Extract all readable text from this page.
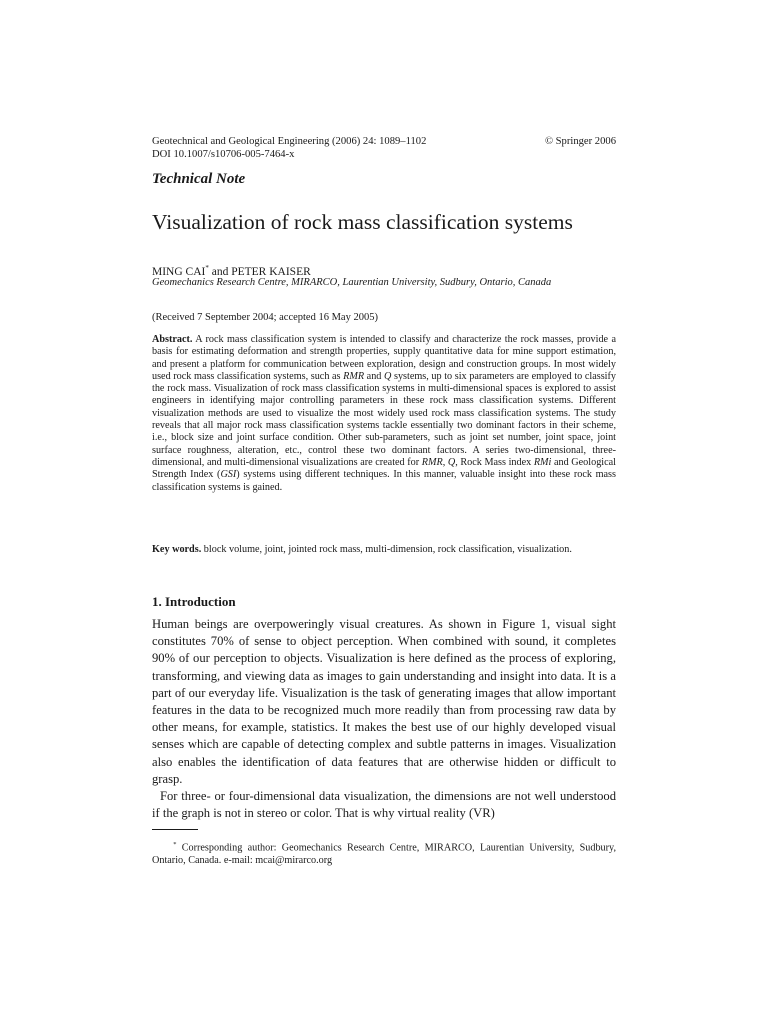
Geotechnical and Geological Engineering (2006) 24: 1089–1102	© Springer 2006
DOI 10.1007/s10706-005-7464-x
Technical Note
Visualization of rock mass classification systems
MING CAI* and PETER KAISER
Geomechanics Research Centre, MIRARCO, Laurentian University, Sudbury, Ontario, Canada
(Received 7 September 2004; accepted 16 May 2005)

Abstract. A rock mass classification system is intended to classify and characterize the rock masses, provide a basis for estimating deformation and strength properties, supply quantitative data for mine support estimation, and present a platform for communication between exploration, design and construction groups. In most widely used rock mass classification systems, such as RMR and Q systems, up to six parameters are employed to classify the rock mass. Visualization of rock mass classification systems in multi-dimensional spaces is explored to assist engineers in identifying major controlling parameters in these rock mass classification systems. Different visualization methods are used to visualize the most widely used rock mass classification systems. The study reveals that all major rock mass classification systems tackle essentially two dominant factors in their scheme, i.e., block size and joint surface condition. Other sub-parameters, such as joint set number, joint space, joint surface roughness, alteration, etc., control these two dominant factors. A series two-dimensional, three-dimensional, and multi-dimensional visualizations are created for RMR, Q, Rock Mass index RMi and Geological Strength Index (GSI) systems using different techniques. In this manner, valuable insight into these rock mass classification systems is gained.

Key words. block volume, joint, jointed rock mass, multi-dimension, rock classification, visualization.

1. Introduction

Human beings are overpoweringly visual creatures. As shown in Figure 1, visual sight constitutes 70% of sense to object perception. When combined with sound, it completes 90% of our perception to objects. Visualization is here defined as the process of exploring, transforming, and viewing data as images to gain understanding and insight into data. It is a part of our everyday life. Visualization is the task of generating images that allow important features in the data to be recognized much more readily than from processing raw data by other means, for example, statistics. It makes the best use of our highly developed visual senses which are capable of detecting complex and subtle patterns in images. Visualization also enables the identification of data features that are otherwise hidden or difficult to grasp.

For three- or four-dimensional data visualization, the dimensions are not well understood if the graph is not in stereo or color. That is why virtual reality (VR)

* Corresponding author: Geomechanics Research Centre, MIRARCO, Laurentian University, Sudbury, Ontario, Canada. e-mail: mcai@mirarco.org
